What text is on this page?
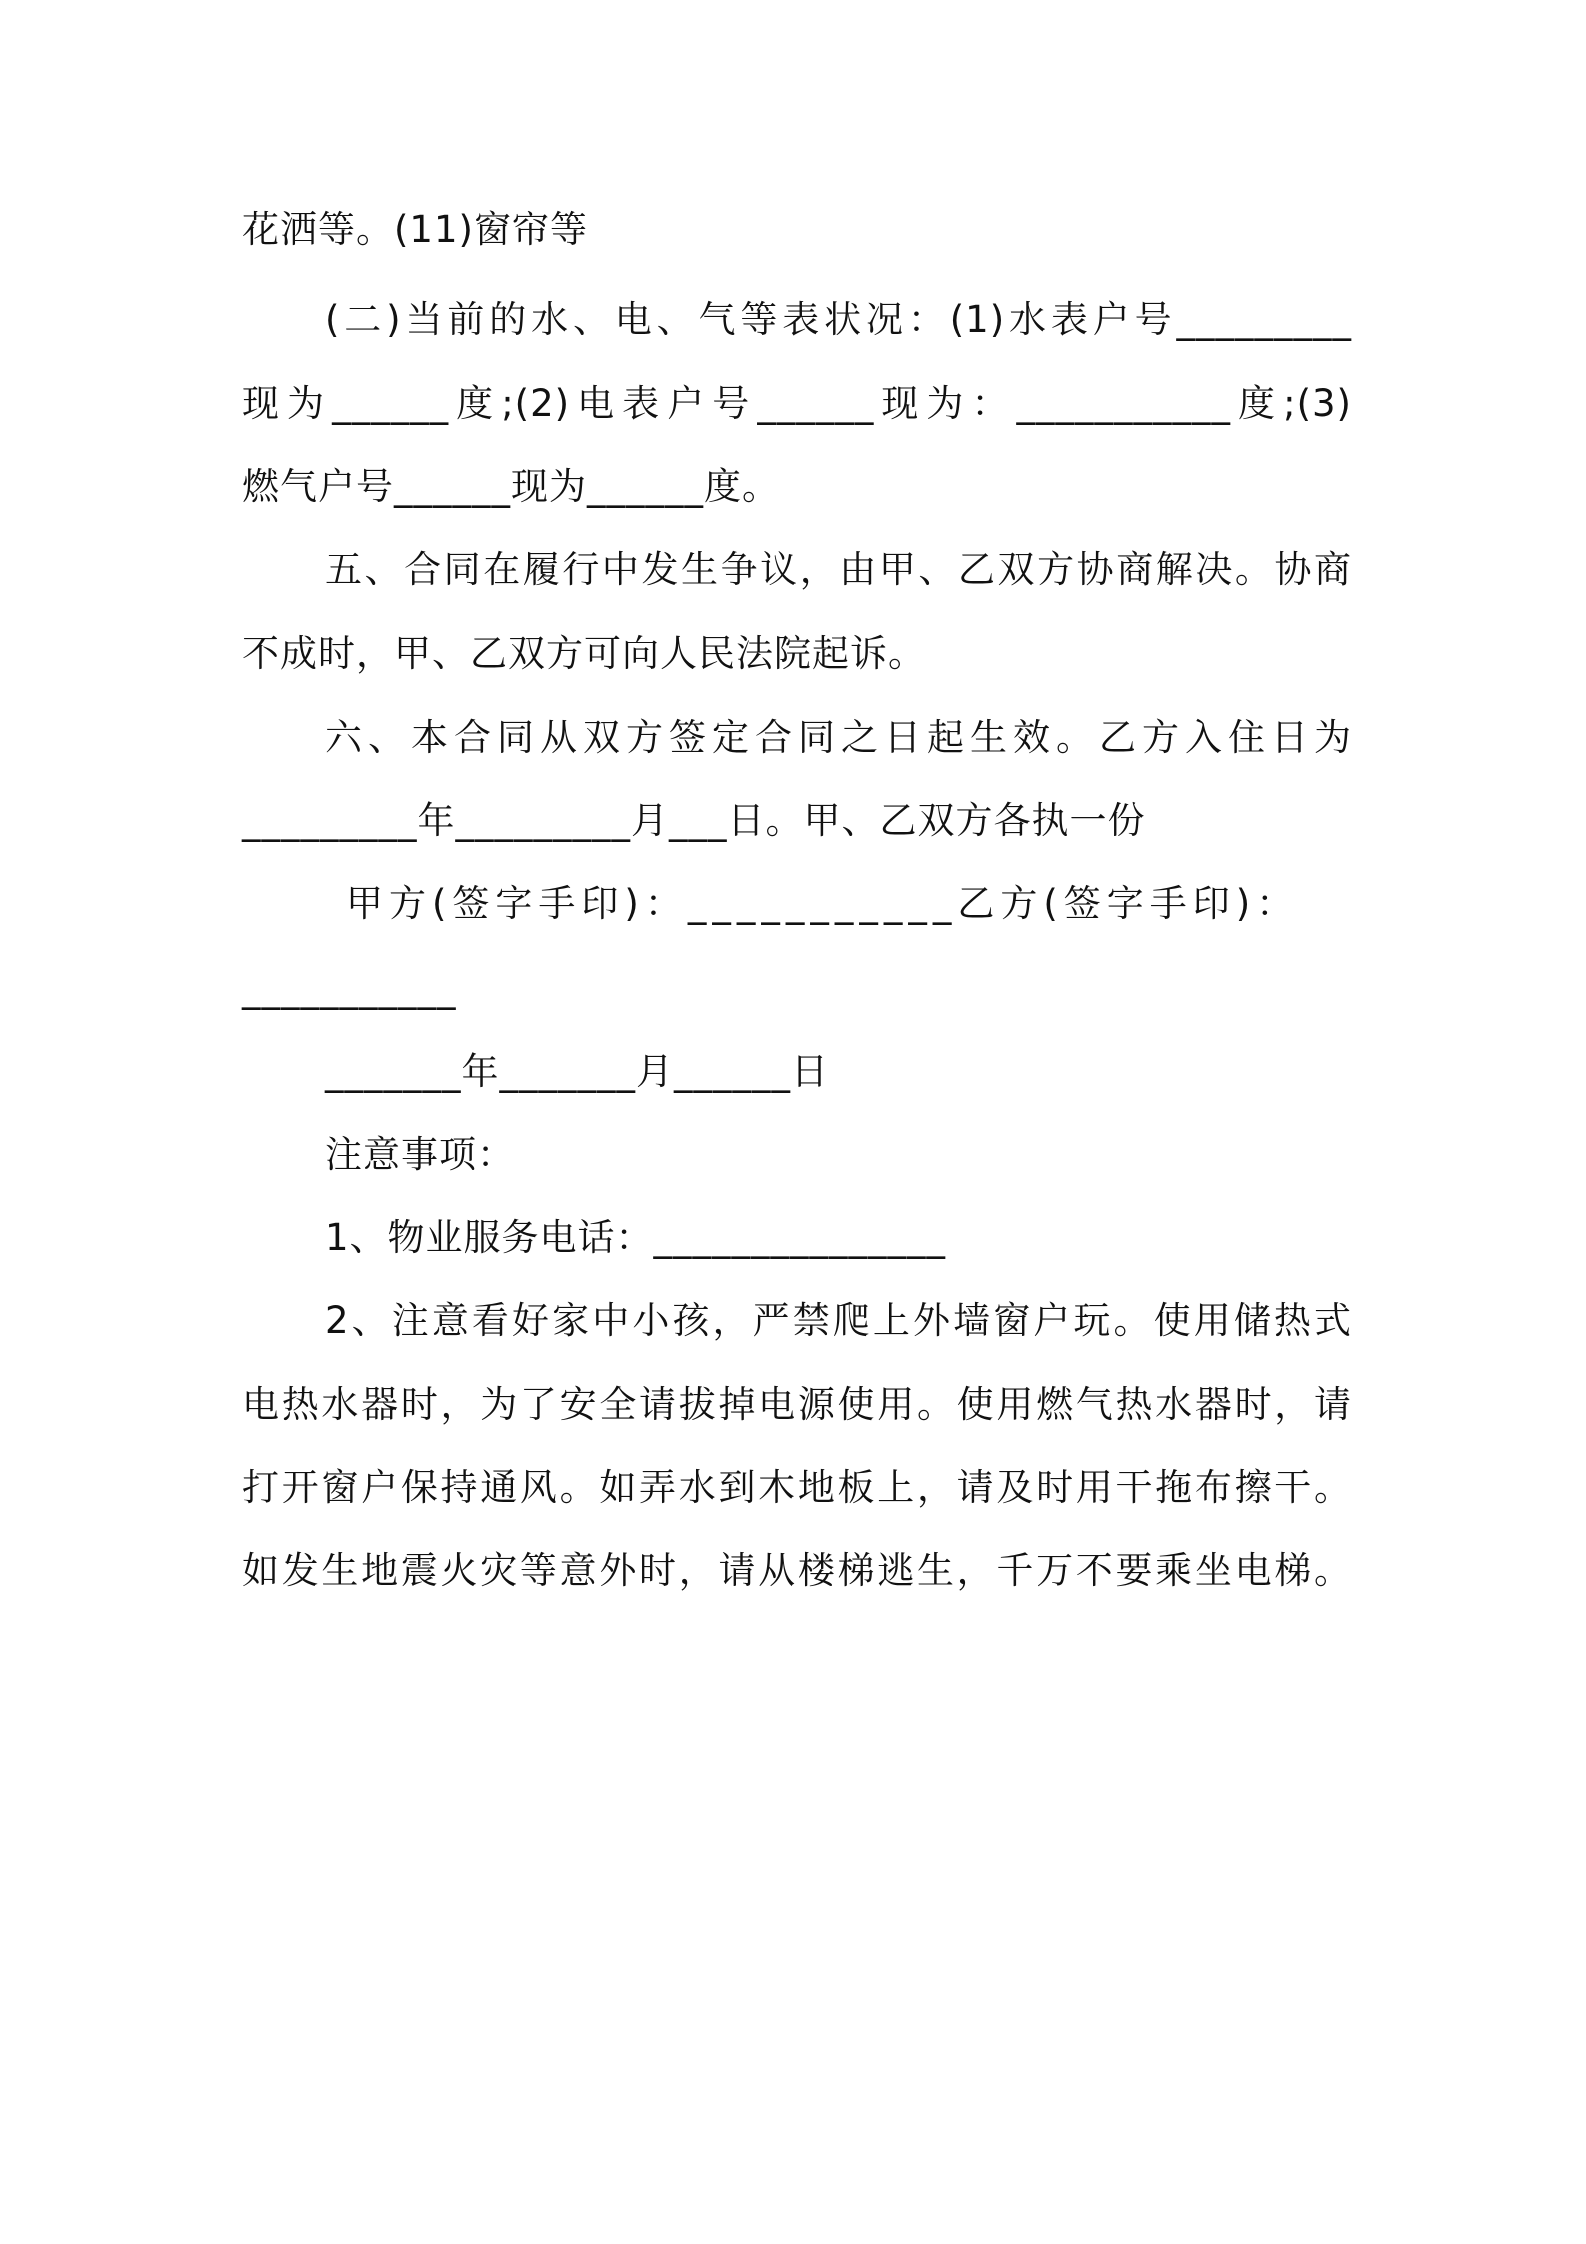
花洒等。(11)窗帘等
(二)当前的水、电、气等表状况：(1)水表户号_________
现为______度;(2)电表户号______现为：___________度;(3)
燃气户号______现为______度。
五、合同在履行中发生争议，由甲、乙双方协商解决。协商
不成时，甲、乙双方可向人民法院起诉。
六、本合同从双方签定合同之日起生效。乙方入住日为
_________年_________月___日。甲、乙双方各执一份
甲方(签字手印)：___________乙方(签字手印)：
___________
_______年_______月______日
注意事项：
1、物业服务电话：_______________
2、注意看好家中小孩，严禁爬上外墙窗户玩。使用储热式
电热水器时，为了安全请拔掉电源使用。使用燃气热水器时，请
打开窗户保持通风。如弄水到木地板上，请及时用干拖布擦干。
如发生地震火灾等意外时，请从楼梯逃生，千万不要乘坐电梯。
